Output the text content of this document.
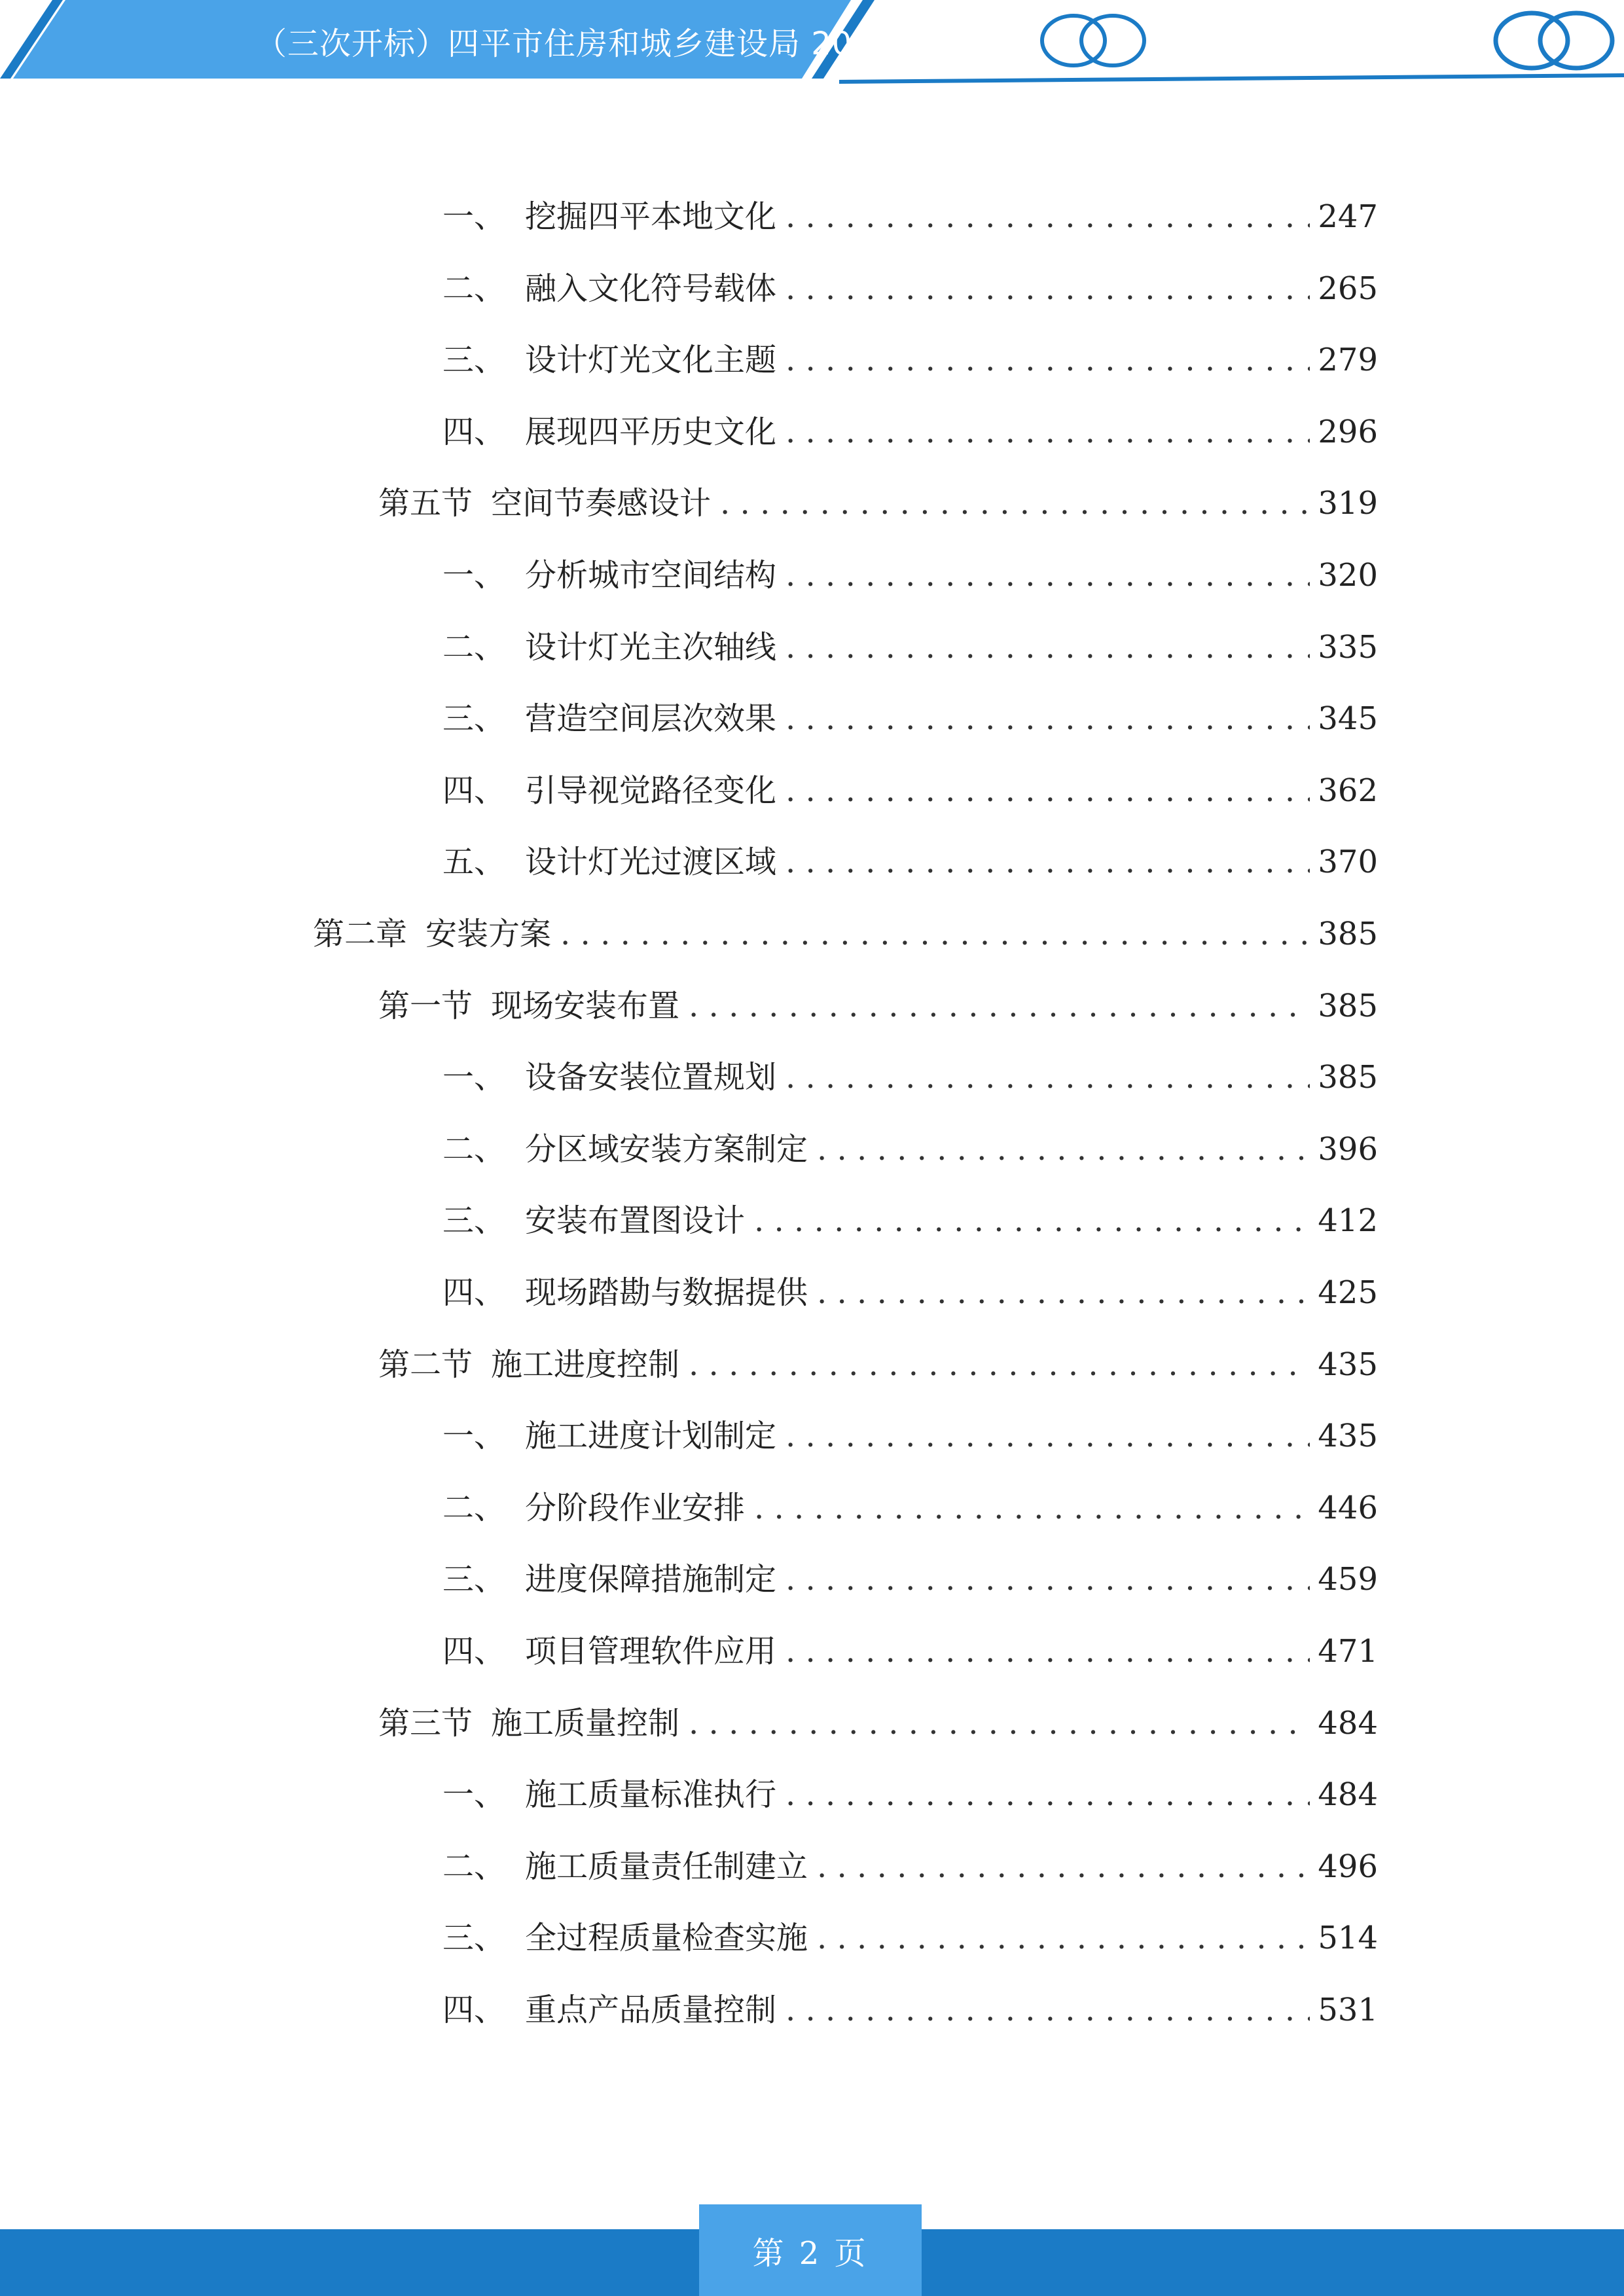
（三次开标）四平市住房和城乡建设局 2025
一、 挖掘四平本地文化 . . .	247
二、 融入文化符号载体 . . .	265
三、 设计灯光文化主题 . . .	279
四、 展现四平历史文化 . . .	296
第五节 空间节奏感设计 . . .	319
一、 分析城市空间结构 . . .	320
二、 设计灯光主次轴线 . . .	335
三、 营造空间层次效果 . . .	345
四、 引导视觉路径变化 . . .	362
五、 设计灯光过渡区域 . . .	370
第二章 安装方案 . . .	385
第一节 现场安装布置 . . .	385
一、 设备安装位置规划 . . .	385
二、 分区域安装方案制定 . . .	396
三、 安装布置图设计 . . .	412
四、 现场踏勘与数据提供 . . .	425
第二节 施工进度控制 . . .	435
一、 施工进度计划制定 . . .	435
二、 分阶段作业安排 . . .	446
三、 进度保障措施制定 . . .	459
四、 项目管理软件应用 . . .	471
第三节 施工质量控制 . . .	484
一、 施工质量标准执行 . . .	484
二、 施工质量责任制建立 . . .	496
三、 全过程质量检查实施 . . .	514
四、 重点产品质量控制 . . .	531
第 2 页
